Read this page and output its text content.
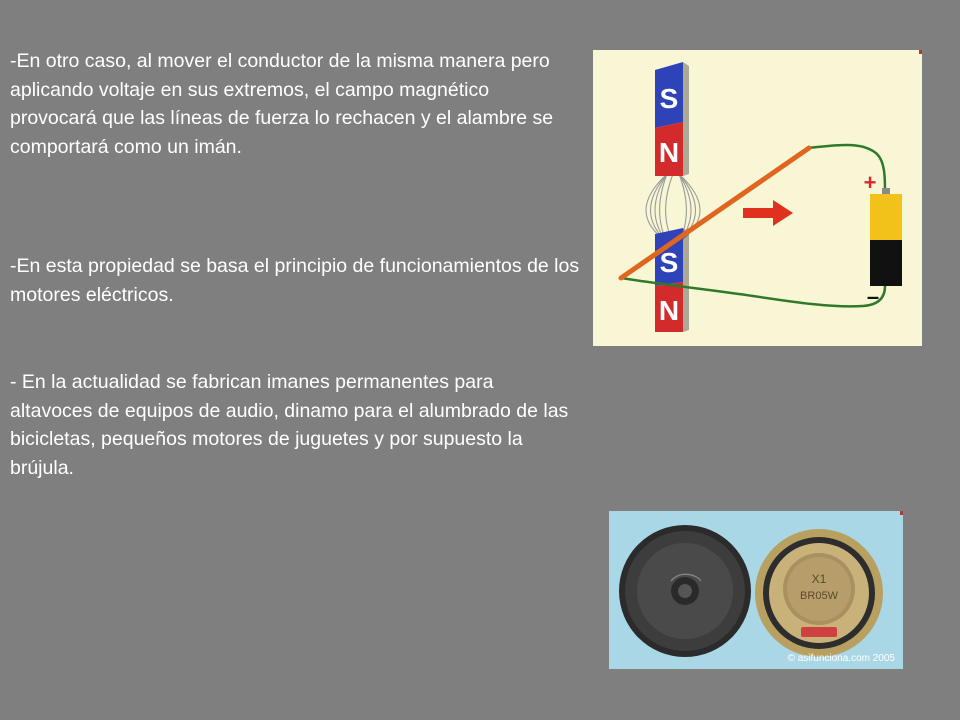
-En otro caso, al mover el conductor de la misma manera pero aplicando voltaje en sus extremos, el campo magnético provocará que las líneas de fuerza lo rechacen y el alambre se comportará como un imán.

-En esta propiedad se basa el principio de funcionamientos de los motores eléctricos.

- En la actualidad se fabrican imanes permanentes para altavoces de equipos de audio, dinamo para el alumbrado de las bicicletas, pequeños motores de juguetes y por supuesto la brújula.

S
N
S
N
+
–
X1
BR05W
© asifunciona.com 2005
